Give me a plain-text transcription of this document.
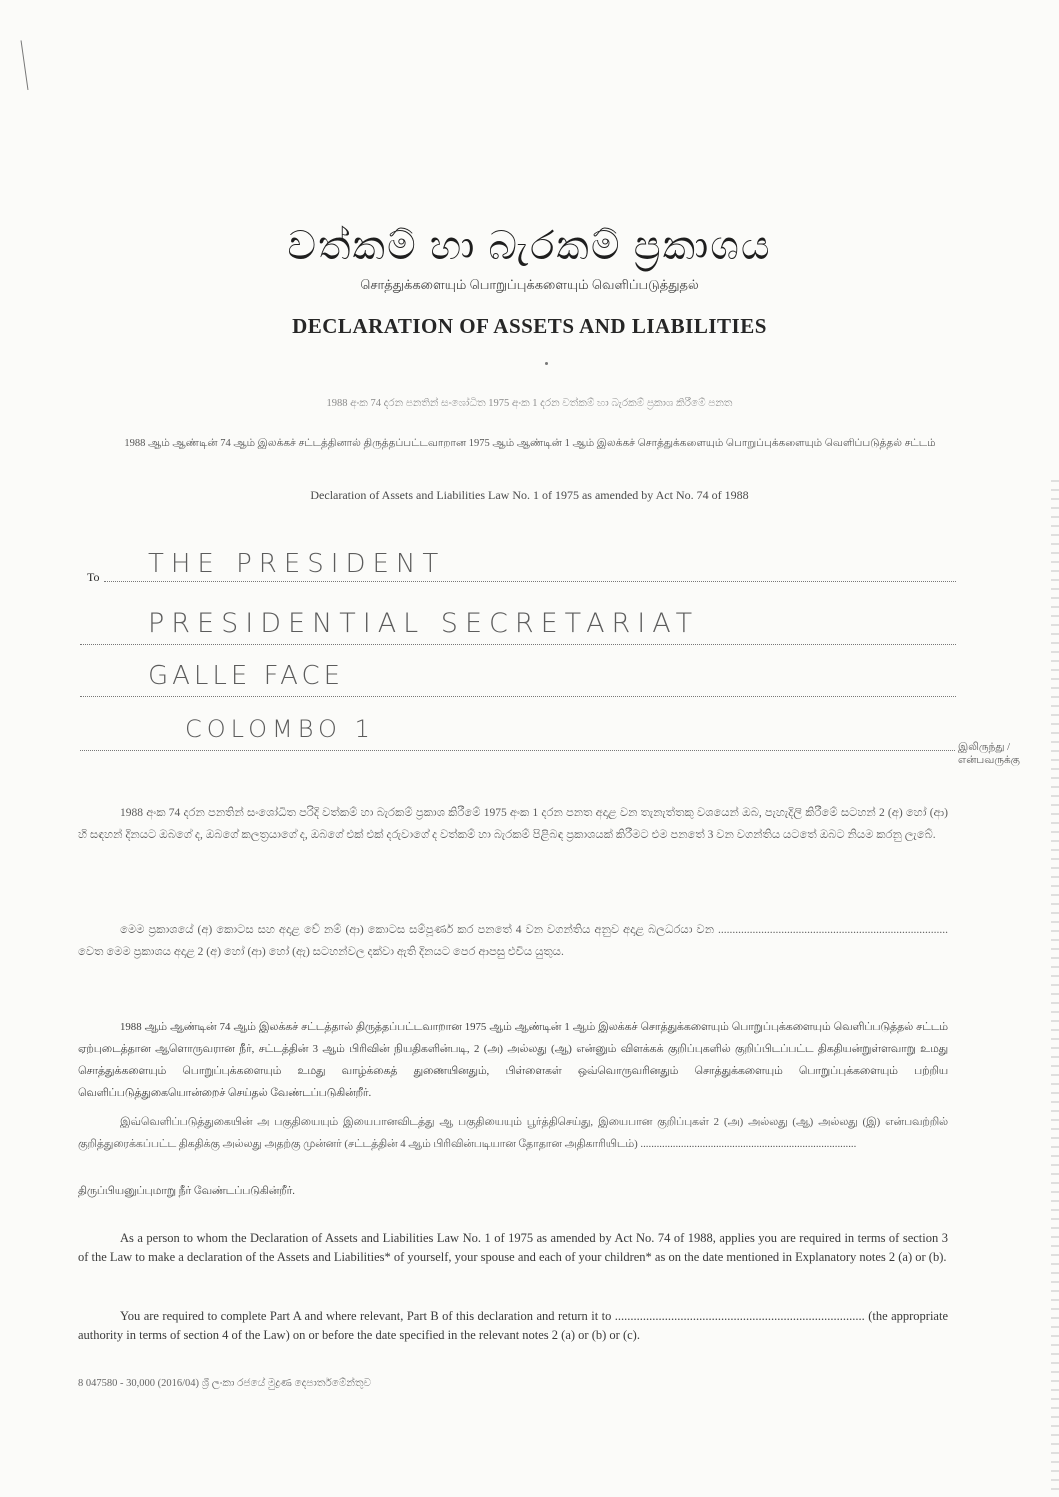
වත්කම් හා බැරකම් ප්‍රකාශය
சொத்துக்களையும் பொறுப்புக்களையும் வெளிப்படுத்துதல்
DECLARATION OF ASSETS AND LIABILITIES
1988 අංක 74 දරන පනතින් සංශෝධිත 1975 අංක 1 දරන වත්කම් හා බැරකම් ප්‍රකාශ කිරීමේ පනත
1988 ஆம் ஆண்டின் 74 ஆம் இலக்கச் சட்டத்தினால் திருத்தப்பட்டவாறான 1975 ஆம் ஆண்டின் 1 ஆம் இலக்கச் சொத்துக்களையும் பொறுப்புக்களையும் வெளிப்படுத்தல் சட்டம்
Declaration of Assets and Liabilities Law No. 1 of 1975 as amended by Act No. 74 of 1988
To THE PRESIDENT
PRESIDENTIAL SECRETARIAT
GALLE FACE
COLOMBO 1
இலிருந்து / என்பவருக்கு
1988 අංක 74 දරන පනතින් සංශෝධිත පරිදි වත්කම් හා බැරකම් ප්‍රකාශ කිරීමේ 1975 අංක 1 දරන පනත අදාළ වන තැනැත්තකු වශයෙන් ඔබ, පැහැදිලි කිරීමේ සටහන් 2 (අ) හෝ (ආ) හි සඳහන් දිනයට ඔබගේ ද, ඔබගේ කලත්‍රයාගේ ද, ඔබගේ එක් එක් දරුවාගේ ද වත්කම් හා බැරකම් පිළිබඳ ප්‍රකාශයක් කිරීමට එම පනතේ 3 වන වගන්තිය යටතේ ඔබට නියම කරනු ලැබේ.
මෙම ප්‍රකාශයේ (අ) කොටස සහ අදාළ වේ නම් (ආ) කොටස සම්පූර්ණ කර පනතේ 4 වන වගන්තිය අනුව අදාළ බලධරයා වන ................................................................................ වෙත මෙම ප්‍රකාශය අදාළ 2 (අ) හෝ (ආ) හෝ (ඇ) සටහන්වල දක්වා ඇති දිනයට පෙර ආපසු එවිය යුතුය.
1988 ஆம் ஆண்டின் 74 ஆம் இலக்கச் சட்டத்தால் திருத்தப்பட்டவாறான 1975 ஆம் ஆண்டின் 1 ஆம் இலக்கச் சொத்துக்களையும் பொறுப்புக்களையும் வெளிப்படுத்தல் சட்டம் ஏற்புடைத்தான ஆளொருவரான நீர், சட்டத்தின் 3 ஆம் பிரிவின் நியதிகளின்படி, 2 (அ) அல்லது (ஆ) என்னும் விளக்கக் குறிப்புகளில் குறிப்பிடப்பட்ட திகதியன்றுள்ளவாறு உமது சொத்துக்களையும் பொறுப்புக்களையும் உமது வாழ்க்கைத் துணையினதும், பிள்ளைகள் ஒவ்வொருவரினதும் சொத்துக்களையும் பொறுப்புக்களையும் பற்றிய வெளிப்படுத்துகையொன்றைச் செய்தல் வேண்டப்படுகின்றீர்.
இவ்வெளிப்படுத்துகையின் அ பகுதியையும் இயைபானவிடத்து ஆ பகுதியையும் பூர்த்திசெய்து, இயைபான குறிப்புகள் 2 (அ) அல்லது (ஆ) அல்லது (இ) என்பவற்றில் குறித்துரைக்கப்பட்ட திகதிக்கு அல்லது அதற்கு முன்னர் (சட்டத்தின் 4 ஆம் பிரிவின்படியான தோதான அதிகாரியிடம்) ................................................................................
திருப்பியனுப்புமாறு நீர் வேண்டப்படுகின்றீர்.
As a person to whom the Declaration of Assets and Liabilities Law No. 1 of 1975 as amended by Act No. 74 of 1988, applies you are required in terms of section 3 of the Law to make a declaration of the Assets and Liabilities* of yourself, your spouse and each of your children* as on the date mentioned in Explanatory notes 2 (a) or (b).
You are required to complete Part A and where relevant, Part B of this declaration and return it to ................................................................................ (the appropriate authority in terms of section 4 of the Law) on or before the date specified in the relevant notes 2 (a) or (b) or (c).
8 047580 - 30,000 (2016/04) ශ්‍රී ලංකා රජයේ මුද්‍රණ දෙපාර්තමේන්තුව
